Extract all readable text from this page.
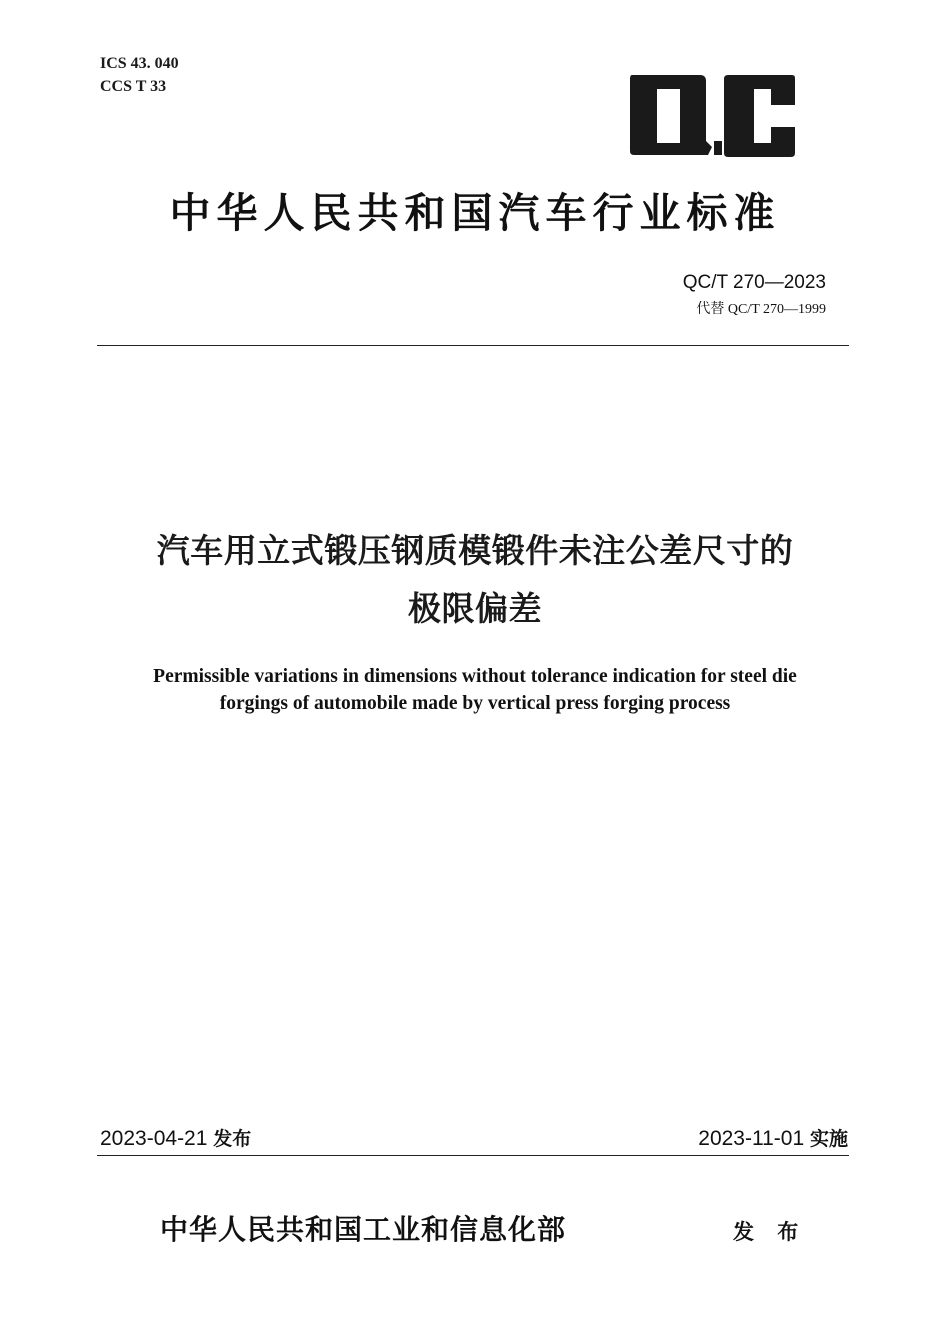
ICS 43. 040
CCS T 33
中华人民共和国汽车行业标准
QC/T 270—2023
代替 QC/T 270—1999
汽车用立式锻压钢质模锻件未注公差尺寸的
极限偏差
Permissible variations in dimensions without tolerance indication for steel die
forgings of automobile made by vertical press forging process
2023-04-21 发布	2023-11-01 实施
中华人民共和国工业和信息化部	发 布
